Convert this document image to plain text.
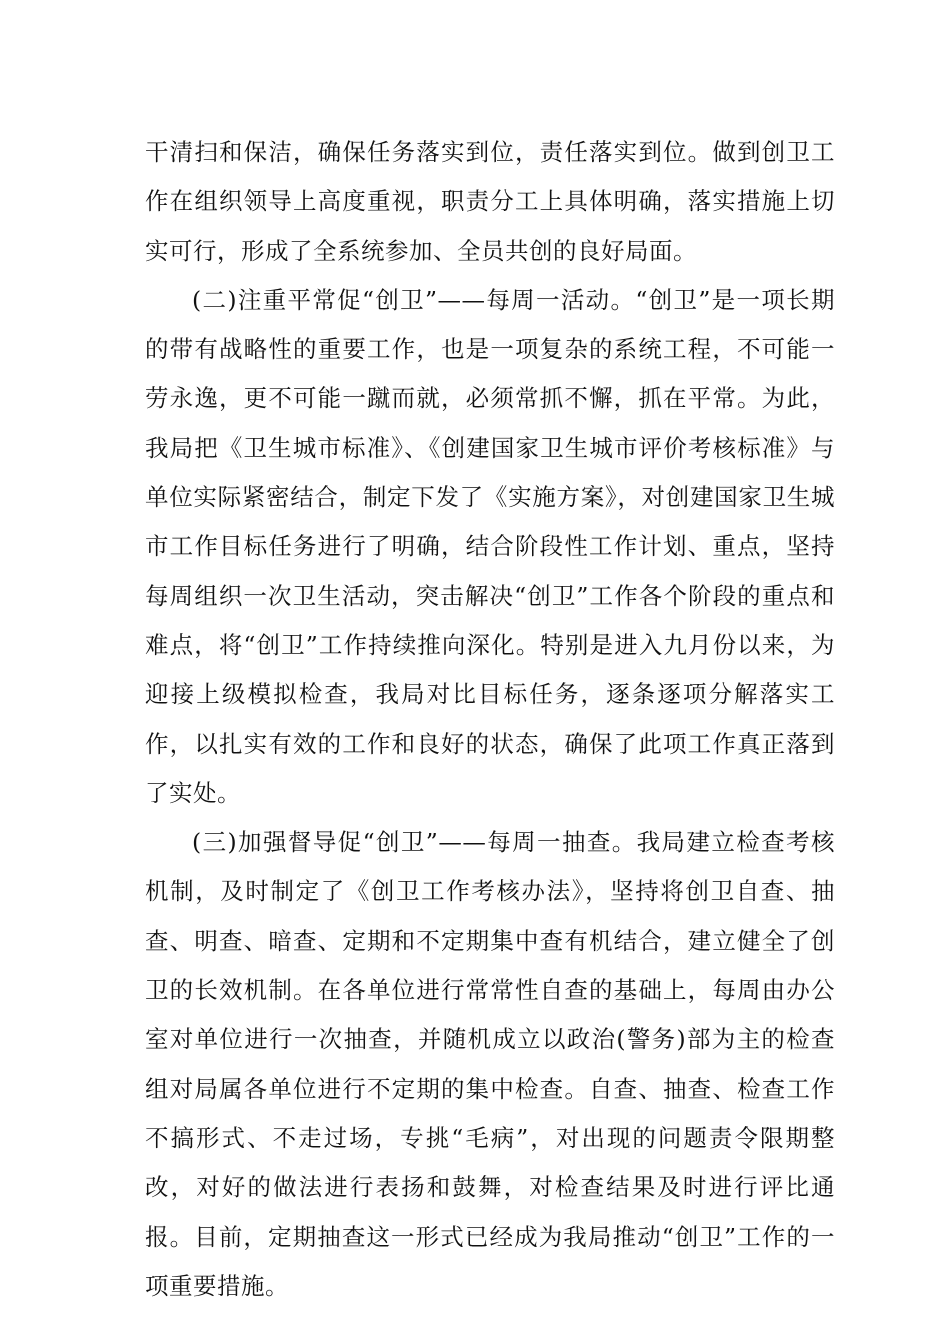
干清扫和保洁，确保任务落实到位，责任落实到位。做到创卫工作在组织领导上高度重视，职责分工上具体明确，落实措施上切实可行，形成了全系统参加、全员共创的良好局面。

(二)注重平常促“创卫”——每周一活动。“创卫”是一项长期的带有战略性的重要工作，也是一项复杂的系统工程，不可能一劳永逸，更不可能一蹴而就，必须常抓不懈，抓在平常。为此，我局把《卫生城市标准》、《创建国家卫生城市评价考核标准》与单位实际紧密结合，制定下发了《实施方案》，对创建国家卫生城市工作目标任务进行了明确，结合阶段性工作计划、重点，坚持每周组织一次卫生活动，突击解决“创卫”工作各个阶段的重点和难点，将“创卫”工作持续推向深化。特别是进入九月份以来，为迎接上级模拟检查，我局对比目标任务，逐条逐项分解落实工作，以扎实有效的工作和良好的状态，确保了此项工作真正落到了实处。

(三)加强督导促“创卫”——每周一抽查。我局建立检查考核机制，及时制定了《创卫工作考核办法》，坚持将创卫自查、抽查、明查、暗查、定期和不定期集中查有机结合，建立健全了创卫的长效机制。在各单位进行常常性自查的基础上，每周由办公室对单位进行一次抽查，并随机成立以政治(警务)部为主的检查组对局属各单位进行不定期的集中检查。自查、抽查、检查工作不搞形式、不走过场，专挑“毛病”，对出现的问题责令限期整改，对好的做法进行表扬和鼓舞，对检查结果及时进行评比通报。目前，定期抽查这一形式已经成为我局推动“创卫”工作的一项重要措施。
